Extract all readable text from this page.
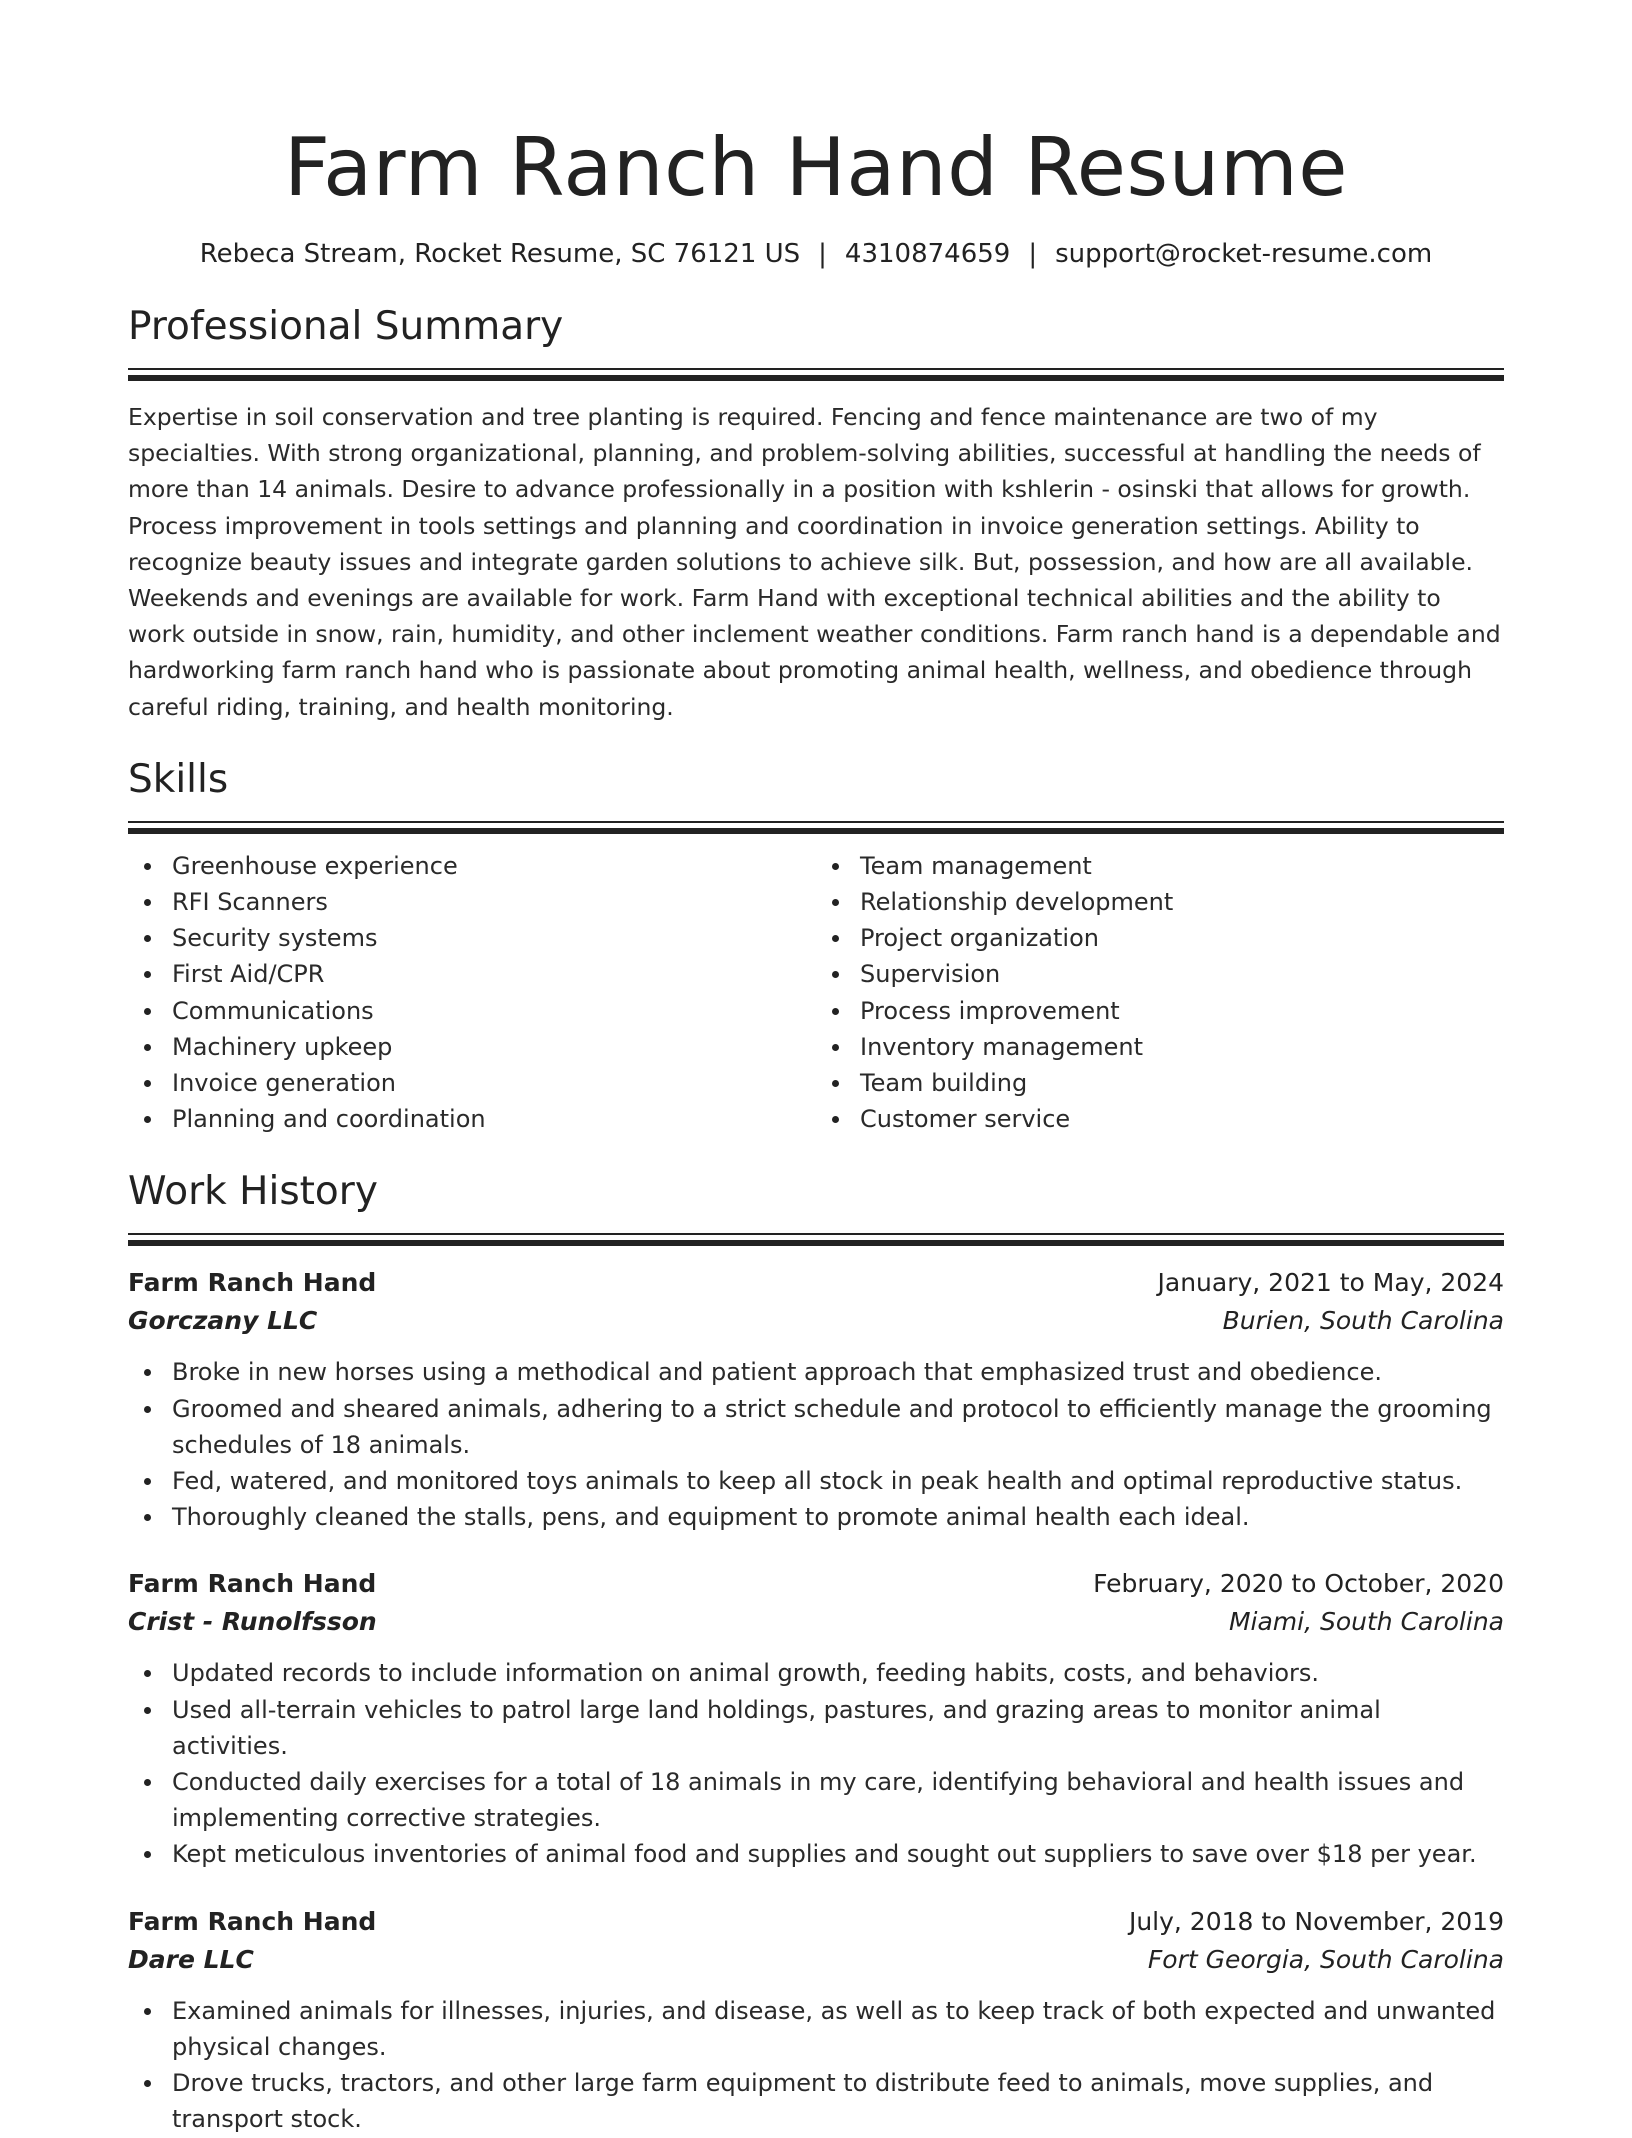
Farm Ranch Hand Resume
Rebeca Stream, Rocket Resume, SC 76121 US | 4310874659 | support@rocket-resume.com
Professional Summary

Expertise in soil conservation and tree planting is required. Fencing and fence maintenance are two of my specialties. With strong organizational, planning, and problem-solving abilities, successful at handling the needs of more than 14 animals. Desire to advance professionally in a position with kshlerin - osinski that allows for growth. Process improvement in tools settings and planning and coordination in invoice generation settings. Ability to recognize beauty issues and integrate garden solutions to achieve silk. But, possession, and how are all available. Weekends and evenings are available for work. Farm Hand with exceptional technical abilities and the ability to work outside in snow, rain, humidity, and other inclement weather conditions. Farm ranch hand is a dependable and hardworking farm ranch hand who is passionate about promoting animal health, wellness, and obedience through careful riding, training, and health monitoring.

Skills
Greenhouse experience
RFI Scanners
Security systems
First Aid/CPR
Communications
Machinery upkeep
Invoice generation
Planning and coordination
Team management
Relationship development
Project organization
Supervision
Process improvement
Inventory management
Team building
Customer service
Work History
Farm Ranch Hand	January, 2021 to May, 2024
Gorczany LLC	Burien, South Carolina
Broke in new horses using a methodical and patient approach that emphasized trust and obedience.
Groomed and sheared animals, adhering to a strict schedule and protocol to efficiently manage the grooming schedules of 18 animals.
Fed, watered, and monitored toys animals to keep all stock in peak health and optimal reproductive status.
Thoroughly cleaned the stalls, pens, and equipment to promote animal health each ideal.
Farm Ranch Hand	February, 2020 to October, 2020
Crist - Runolfsson	Miami, South Carolina
Updated records to include information on animal growth, feeding habits, costs, and behaviors.
Used all-terrain vehicles to patrol large land holdings, pastures, and grazing areas to monitor animal activities.
Conducted daily exercises for a total of 18 animals in my care, identifying behavioral and health issues and implementing corrective strategies.
Kept meticulous inventories of animal food and supplies and sought out suppliers to save over $18 per year.
Farm Ranch Hand	July, 2018 to November, 2019
Dare LLC	Fort Georgia, South Carolina
Examined animals for illnesses, injuries, and disease, as well as to keep track of both expected and unwanted physical changes.
Drove trucks, tractors, and other large farm equipment to distribute feed to animals, move supplies, and transport stock.
